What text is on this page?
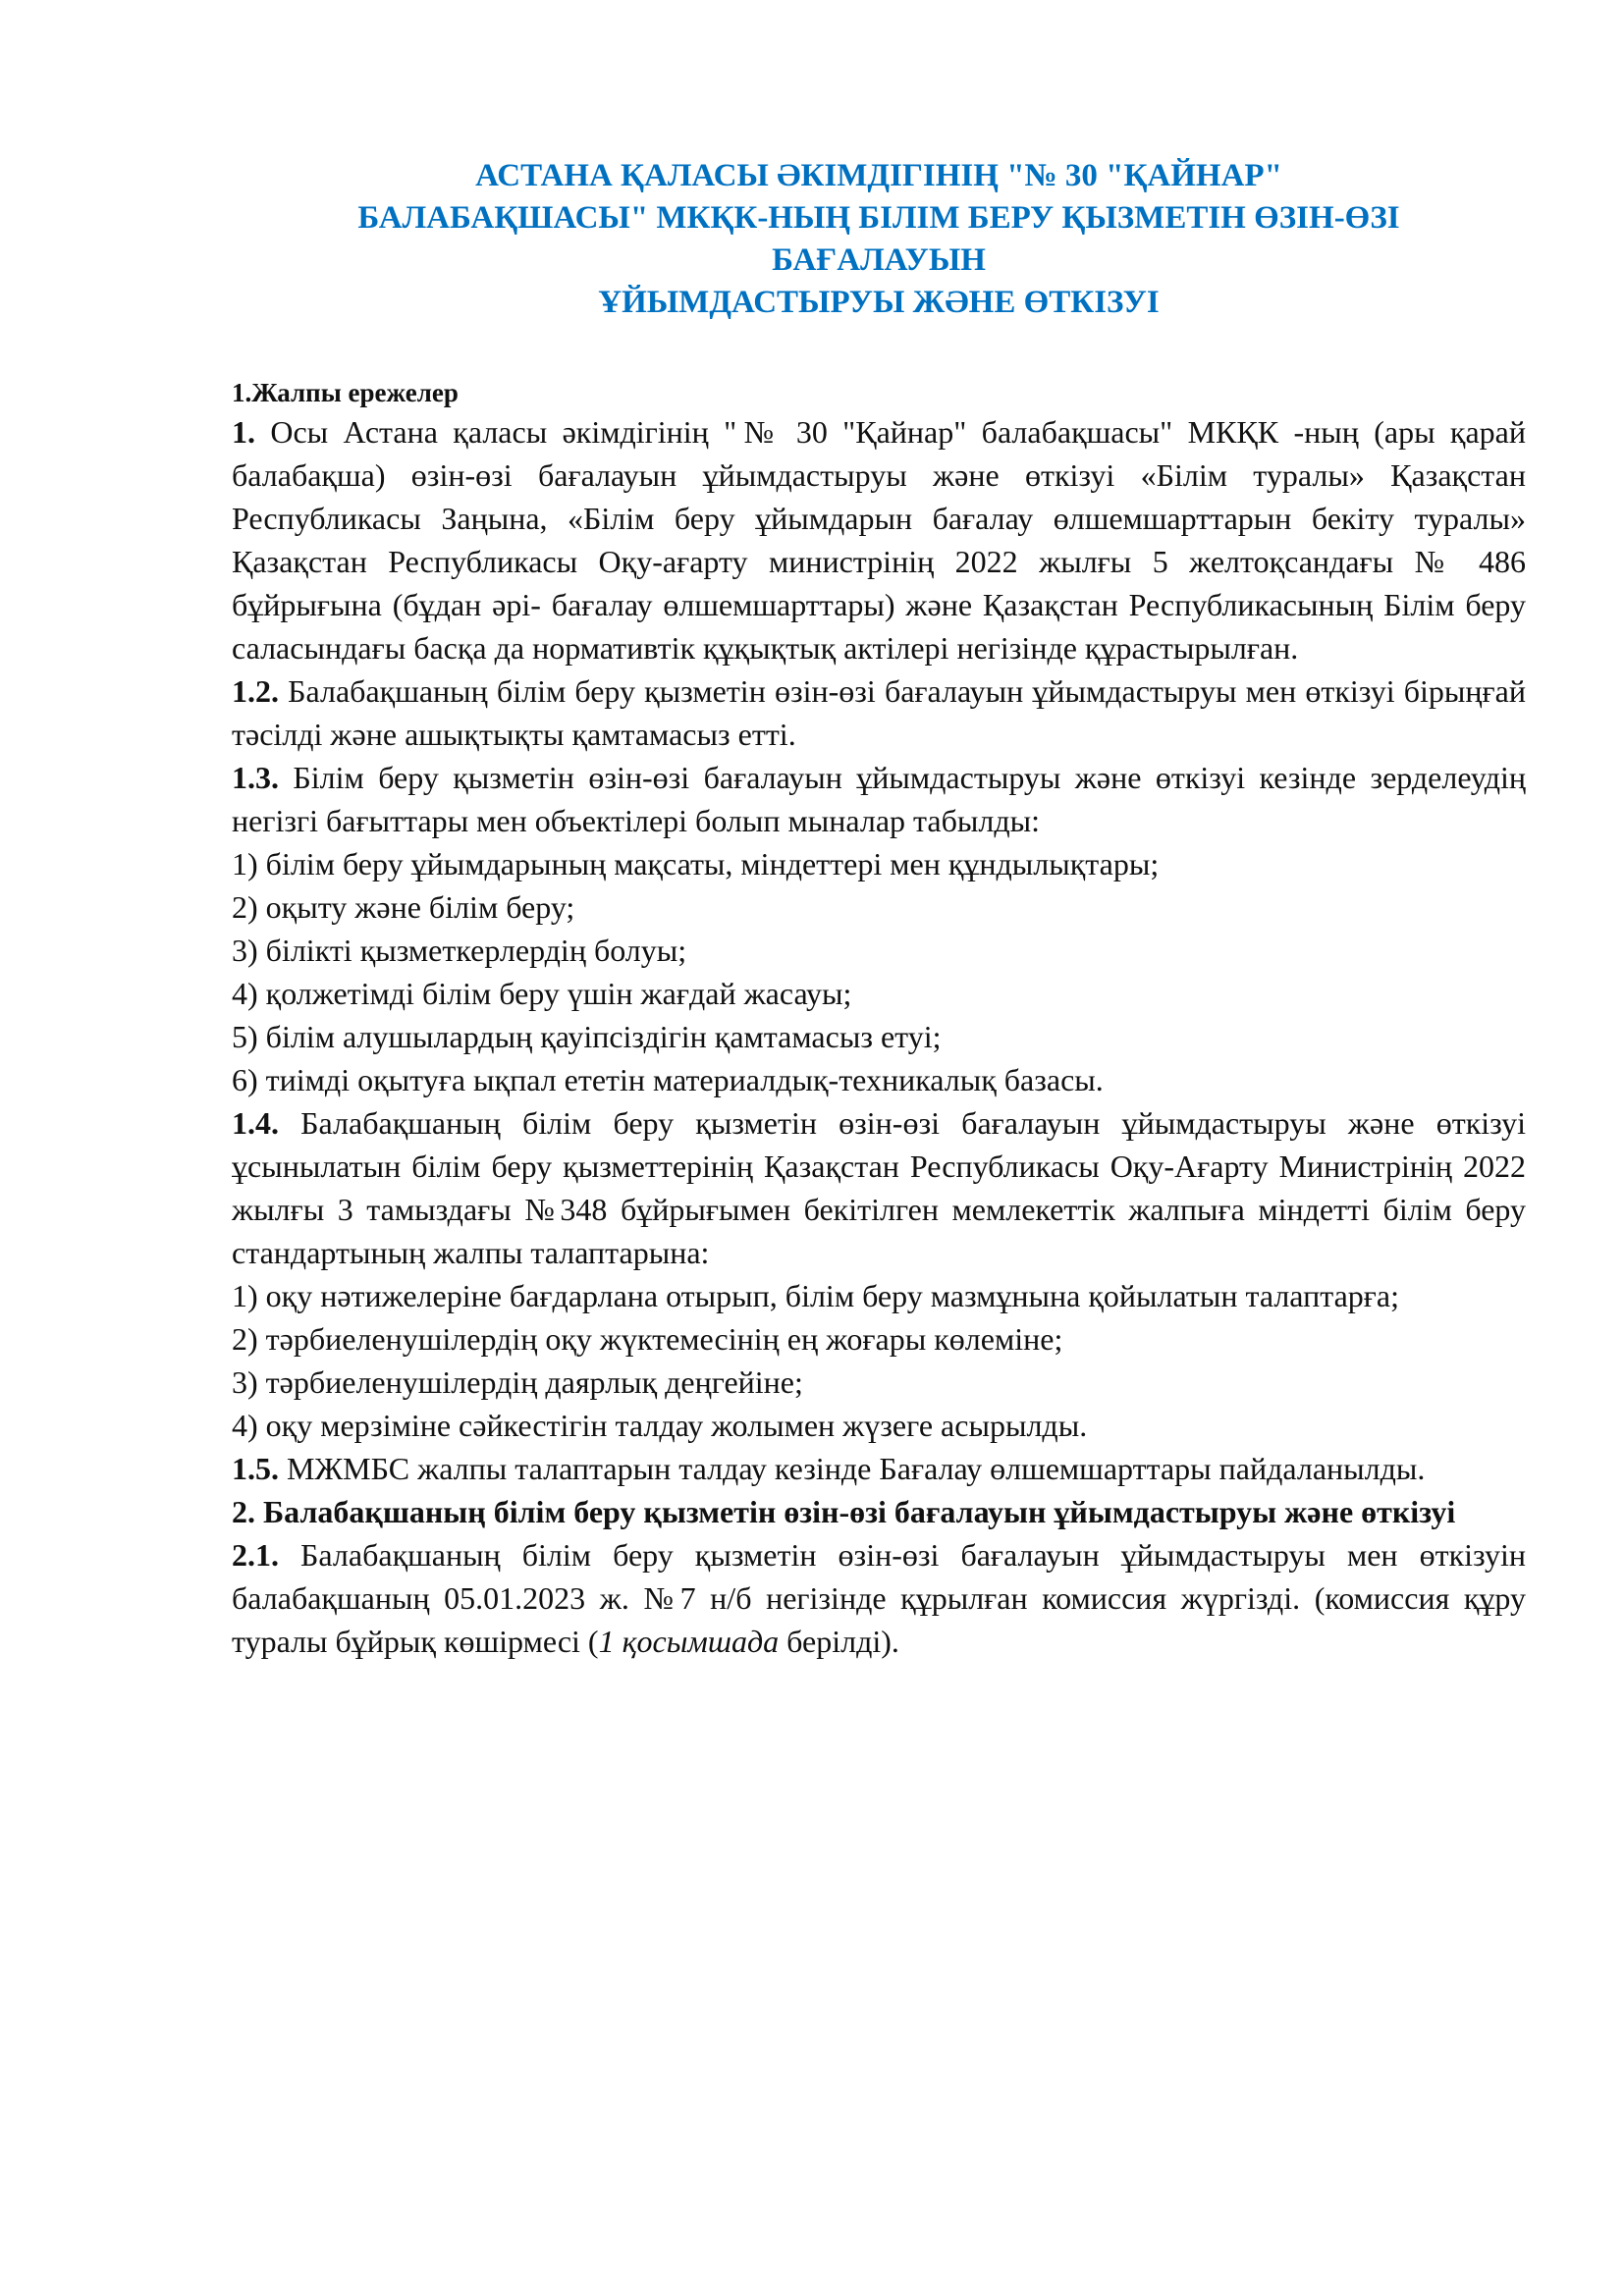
АСТАНА ҚАЛАСЫ ӘКІМДІГІНІҢ "№ 30 "ҚАЙНАР"
БАЛАБАҚШАСЫ" МКҚК-НЫҢ БІЛІМ БЕРУ ҚЫЗМЕТІН ӨЗІН-ӨЗІ
БАҒАЛАУЫН
ҰЙЫМДАСТЫРУЫ ЖӘНЕ ӨТКІЗУІ

1.Жалпы ережелер

1. Осы Астана қаласы әкімдігінің "№ 30 "Қайнар" балабақшасы" МКҚК -ның (ары қарай балабақша) өзін-өзі бағалауын ұйымдастыруы және өткізуі «Білім туралы» Қазақстан Республикасы Заңына, «Білім беру ұйымдарын бағалау өлшемшарттарын бекіту туралы» Қазақстан Республикасы Оқу-ағарту министрінің 2022 жылғы 5 желтоқсандағы № 486 бұйрығына (бұдан әрі- бағалау өлшемшарттары) және Қазақстан Республикасының Білім беру саласындағы басқа да нормативтік құқықтық актілері негізінде құрастырылған.

1.2. Балабақшаның білім беру қызметін өзін-өзі бағалауын ұйымдастыруы мен өткізуі бірыңғай тәсілді және ашықтықты қамтамасыз етті.

1.3. Білім беру қызметін өзін-өзі бағалауын ұйымдастыруы және өткізуі кезінде зерделеудің негізгі бағыттары мен объектілері болып мыналар табылды:

1) білім беру ұйымдарының мақсаты, міндеттері мен құндылықтары;

2) оқыту және білім беру;

3) білікті қызметкерлердің болуы;

4) қолжетімді білім беру үшін жағдай жасауы;

5) білім алушылардың қауіпсіздігін қамтамасыз етуі;

6) тиімді оқытуға ықпал ететін материалдық-техникалық базасы.

1.4. Балабақшаның білім беру қызметін өзін-өзі бағалауын ұйымдастыруы және өткізуі ұсынылатын білім беру қызметтерінің Қазақстан Республикасы Оқу-Ағарту Министрінің 2022 жылғы 3 тамыздағы №348 бұйрығымен бекітілген мемлекеттік жалпыға міндетті білім беру стандартының жалпы талаптарына:

1) оқу нәтижелеріне бағдарлана отырып, білім беру мазмұнына қойылатын талаптарға;

2) тәрбиеленушілердің оқу жүктемесінің ең жоғары көлеміне;

3) тәрбиеленушілердің даярлық деңгейіне;

4) оқу мерзіміне сәйкестігін талдау жолымен жүзеге асырылды.

1.5. МЖМБС жалпы талаптарын талдау кезінде Бағалау өлшемшарттары пайдаланылды.

2. Балабақшаның білім беру қызметін өзін-өзі бағалауын ұйымдастыруы және өткізуі

2.1. Балабақшаның білім беру қызметін өзін-өзі бағалауын ұйымдастыруы мен өткізуін балабақшаның 05.01.2023 ж. №7 н/б негізінде құрылған комиссия жүргізді. (комиссия құру туралы бұйрық көшірмесі (1 қосымшада берілді).
